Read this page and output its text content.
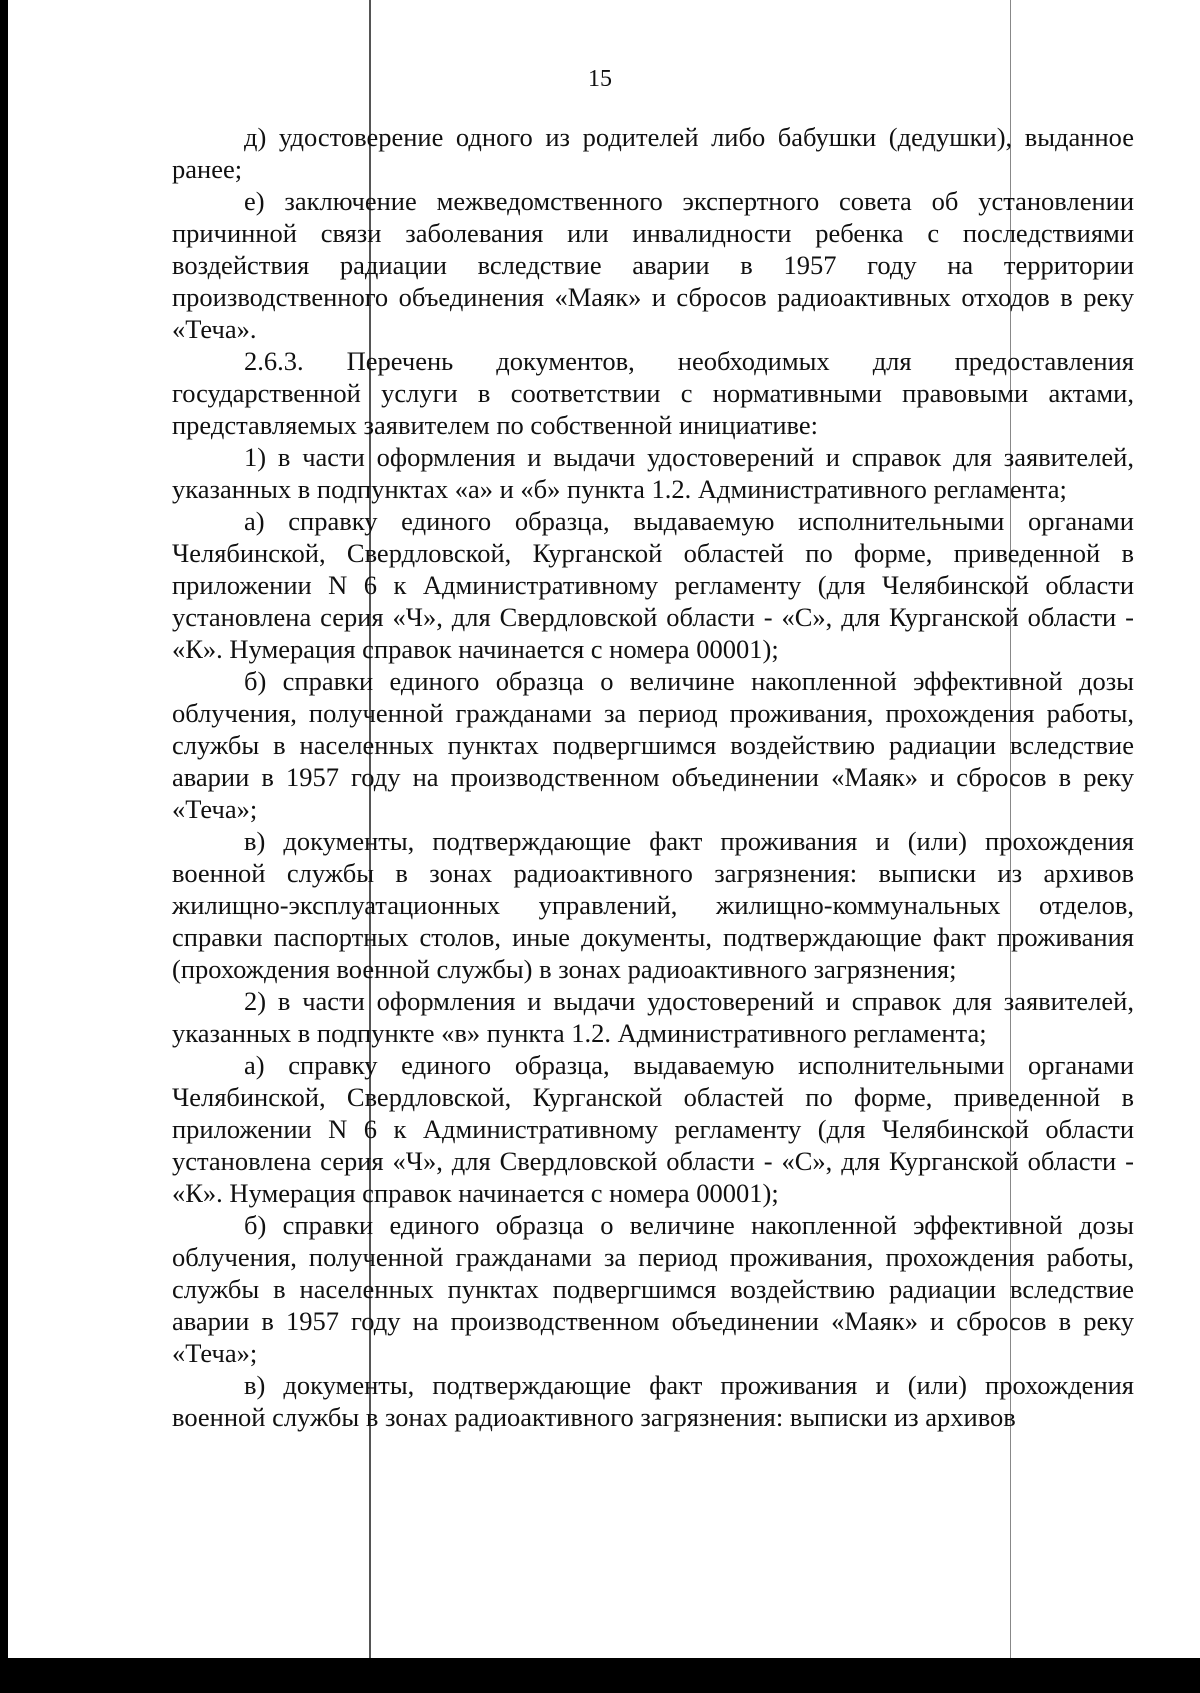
15

д) удостоверение одного из родителей либо бабушки (дедушки), выданное ранее;

е) заключение межведомственного экспертного совета об установлении причинной связи заболевания или инвалидности ребенка с последствиями воздействия радиации вследствие аварии в 1957 году на территории производственного объединения «Маяк» и сбросов радиоактивных отходов в реку «Теча».

2.6.3. Перечень документов, необходимых для предоставления государственной услуги в соответствии с нормативными правовыми актами, представляемых заявителем по собственной инициативе:

1) в части оформления и выдачи удостоверений и справок для заявителей, указанных в подпунктах «а» и «б» пункта 1.2. Административного регламента;

а) справку единого образца, выдаваемую исполнительными органами Челябинской, Свердловской, Курганской областей по форме, приведенной в приложении N 6 к Административному регламенту (для Челябинской области установлена серия «Ч», для Свердловской области - «С», для Курганской области - «К». Нумерация справок начинается с номера 00001);

б) справки единого образца о величине накопленной эффективной дозы облучения, полученной гражданами за период проживания, прохождения работы, службы в населенных пунктах подвергшимся воздействию радиации вследствие аварии в 1957 году на производственном объединении «Маяк» и сбросов в реку «Теча»;

в) документы, подтверждающие факт проживания и (или) прохождения военной службы в зонах радиоактивного загрязнения: выписки из архивов жилищно-эксплуатационных управлений, жилищно-коммунальных отделов, справки паспортных столов, иные документы, подтверждающие факт проживания (прохождения военной службы) в зонах радиоактивного загрязнения;

2) в части оформления и выдачи удостоверений и справок для заявителей, указанных в подпункте «в» пункта 1.2. Административного регламента;

а) справку единого образца, выдаваемую исполнительными органами Челябинской, Свердловской, Курганской областей по форме, приведенной в приложении N 6 к Административному регламенту (для Челябинской области установлена серия «Ч», для Свердловской области - «С», для Курганской области - «К». Нумерация справок начинается с номера 00001);

б) справки единого образца о величине накопленной эффективной дозы облучения, полученной гражданами за период проживания, прохождения работы, службы в населенных пунктах подвергшимся воздействию радиации вследствие аварии в 1957 году на производственном объединении «Маяк» и сбросов в реку «Теча»;

в) документы, подтверждающие факт проживания и (или) прохождения военной службы в зонах радиоактивного загрязнения: выписки из архивов
